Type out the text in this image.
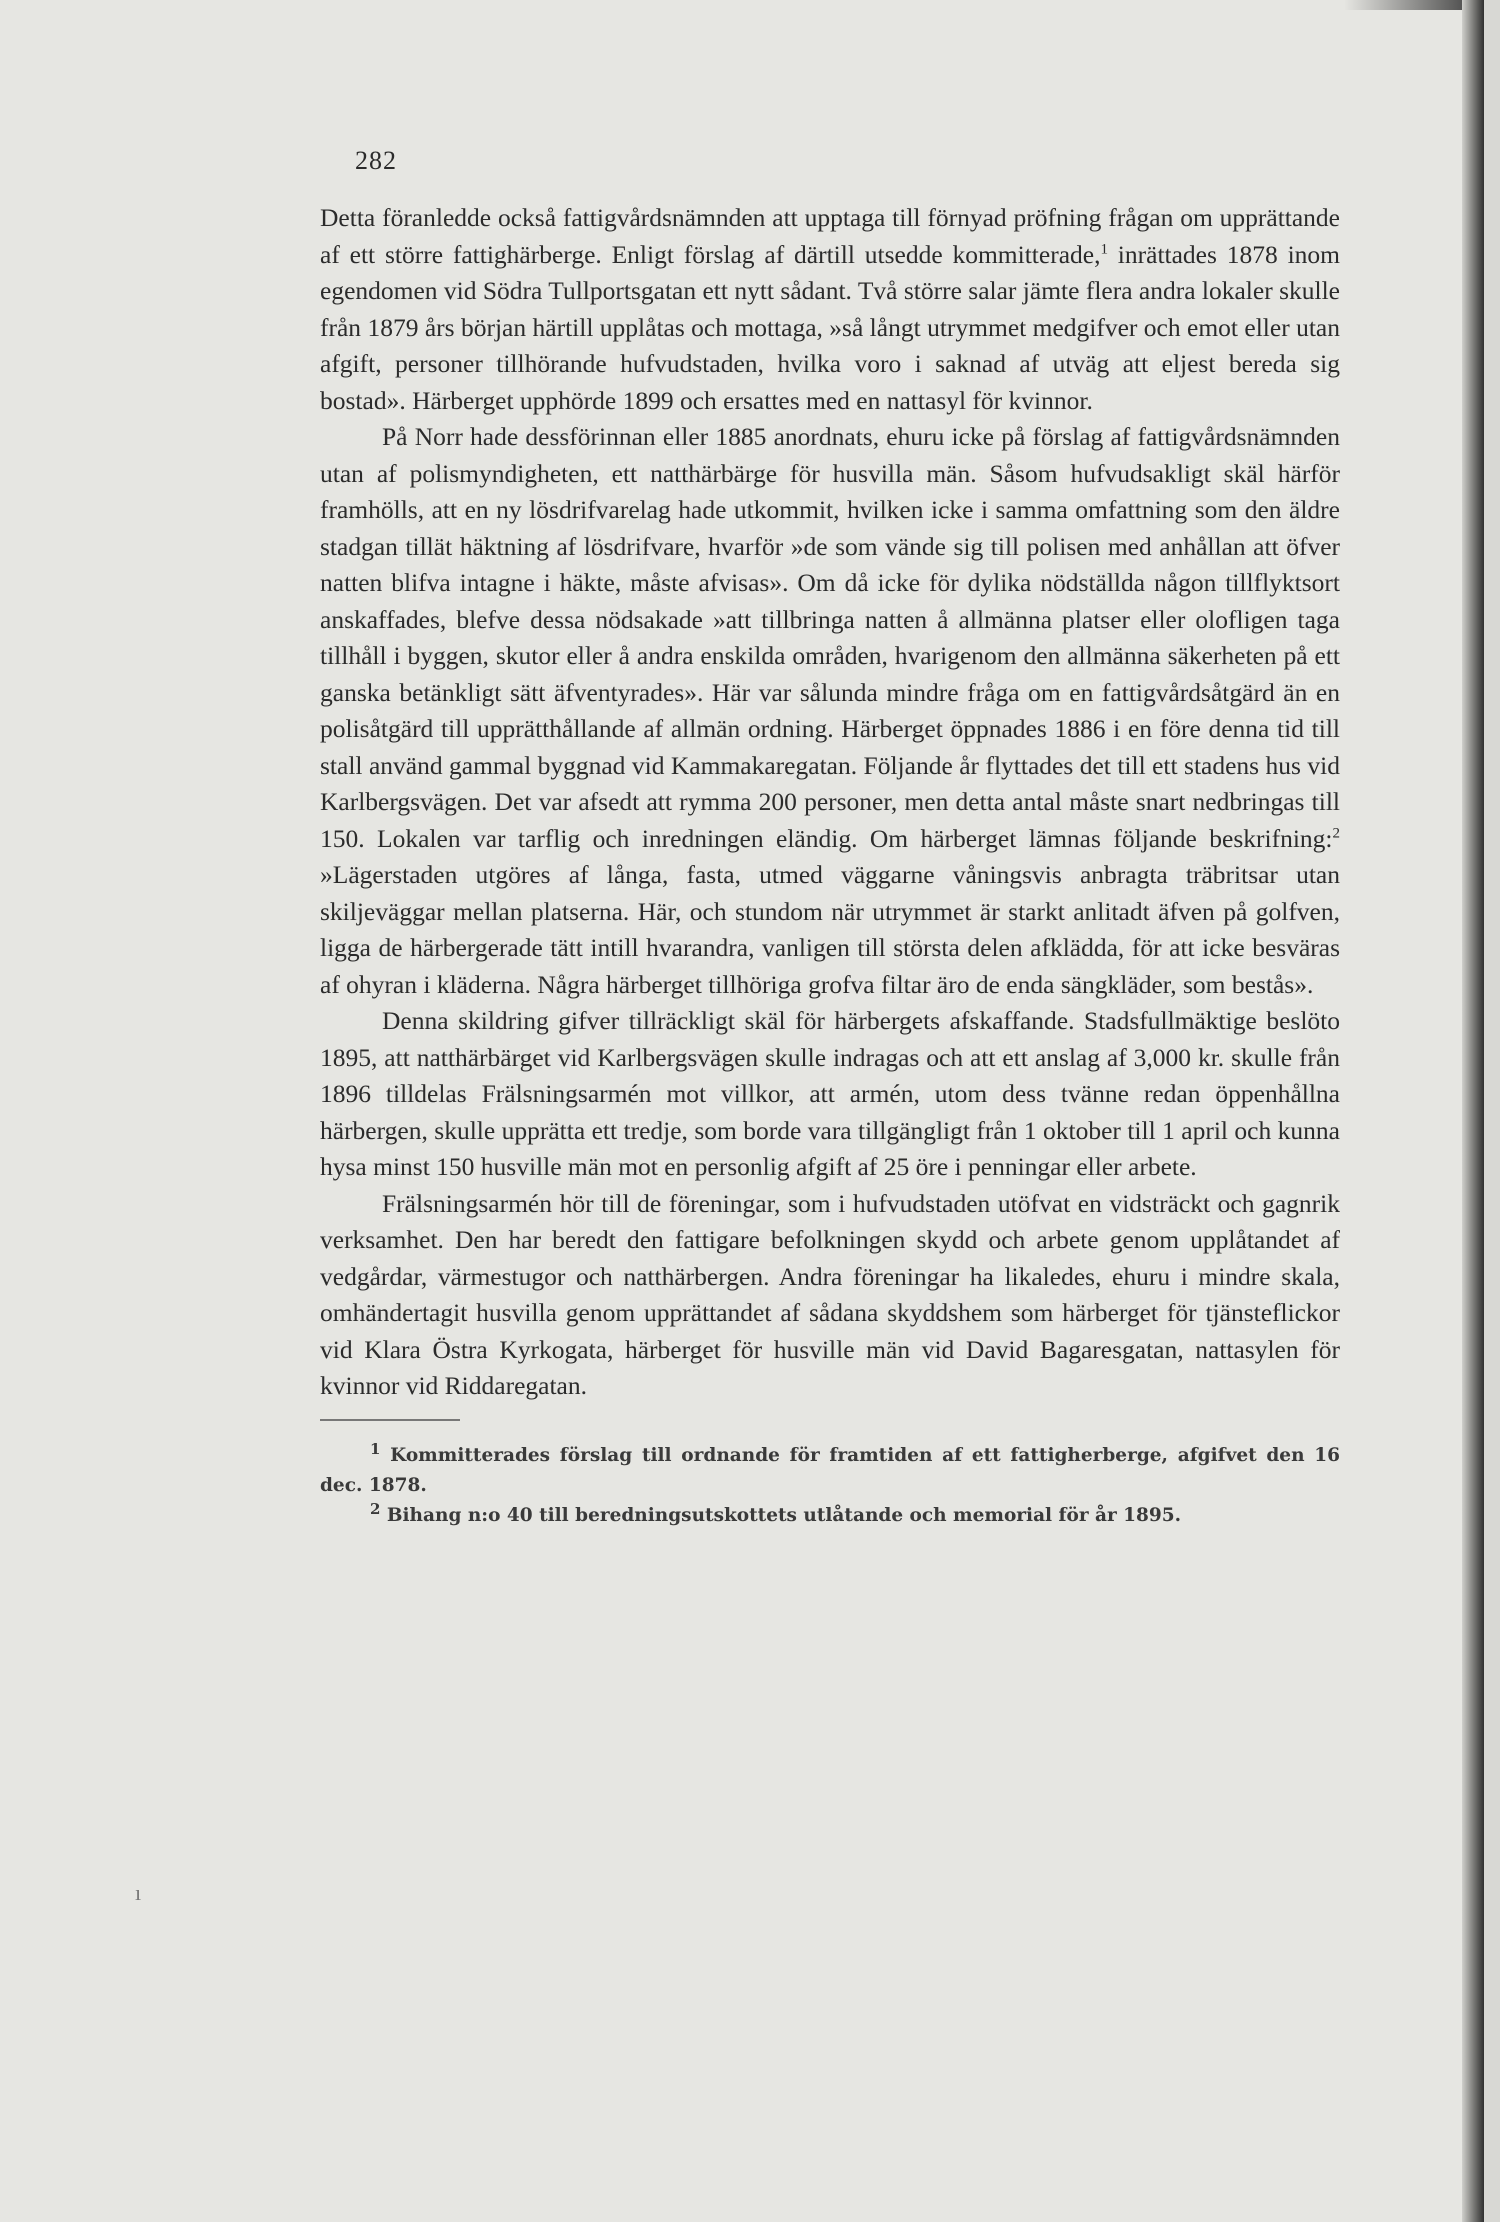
282

Detta föranledde också fattigvårdsnämnden att upptaga till förnyad pröfning frågan om upprättande af ett större fattighärberge. Enligt förslag af därtill utsedde kommitterade,$^1$ inrättades 1878 inom egendomen vid Södra Tullportsgatan ett nytt sådant. Två större salar jämte flera andra lokaler skulle från 1879 års början härtill upplåtas och mottaga, »så långt utrymmet medgifver och emot eller utan afgift, personer tillhörande hufvudstaden, hvilka voro i saknad af utväg att eljest bereda sig bostad». Härberget upphörde 1899 och ersattes med en nattasyl för kvinnor.

På Norr hade dessförinnan eller 1885 anordnats, ehuru icke på förslag af fattigvårdsnämnden utan af polismyndigheten, ett natthärbärge för husvilla män. Såsom hufvudsakligt skäl härför framhölls, att en ny lösdrifvarelag hade utkommit, hvilken icke i samma omfattning som den äldre stadgan tillät häktning af lösdrifvare, hvarför »de som vände sig till polisen med anhållan att öfver natten blifva intagne i häkte, måste afvisas». Om då icke för dylika nödställda någon tillflyktsort anskaffades, blefve dessa nödsakade »att tillbringa natten å allmänna platser eller olofligen taga tillhåll i byggen, skutor eller å andra enskilda områden, hvarigenom den allmänna säkerheten på ett ganska betänkligt sätt äfventyrades». Här var sålunda mindre fråga om en fattigvårdsåtgärd än en polisåtgärd till upprätthållande af allmän ordning. Härberget öppnades 1886 i en före denna tid till stall använd gammal byggnad vid Kammakaregatan. Följande år flyttades det till ett stadens hus vid Karlbergsvägen. Det var afsedt att rymma 200 personer, men detta antal måste snart nedbringas till 150. Lokalen var tarflig och inredningen eländig. Om härberget lämnas följande beskrifning:$^2$ »Lägerstaden utgöres af långa, fasta, utmed väggarne våningsvis anbragta träbritsar utan skiljeväggar mellan platserna. Här, och stundom när utrymmet är starkt anlitadt äfven på golfven, ligga de härbergerade tätt intill hvarandra, vanligen till största delen afklädda, för att icke besväras af ohyran i kläderna. Några härberget tillhöriga grofva filtar äro de enda sängkläder, som bestås».

Denna skildring gifver tillräckligt skäl för härbergets afskaffande. Stadsfullmäktige beslöto 1895, att natthärbärget vid Karlbergsvägen skulle indragas och att ett anslag af 3,000 kr. skulle från 1896 tilldelas Frälsningsarmén mot villkor, att armén, utom dess tvänne redan öppenhållna härbergen, skulle upprätta ett tredje, som borde vara tillgängligt från 1 oktober till 1 april och kunna hysa minst 150 husville män mot en personlig afgift af 25 öre i penningar eller arbete.

Frälsningsarmén hör till de föreningar, som i hufvudstaden utöfvat en vidsträckt och gagnrik verksamhet. Den har beredt den fattigare befolkningen skydd och arbete genom upplåtandet af vedgårdar, värmestugor och natthärbergen. Andra föreningar ha likaledes, ehuru i mindre skala, omhändertagit husvilla genom upprättandet af sådana skyddshem som härberget för tjänsteflickor vid Klara Östra Kyrkogata, härberget för husville män vid David Bagaresgatan, nattasylen för kvinnor vid Riddaregatan.

$^1$ Kommitterades förslag till ordnande för framtiden af ett fattigherberge, afgifvet den 16 dec. 1878.

$^2$ Bihang n:o 40 till beredningsutskottets utlåtande och memorial för år 1895.

ı
